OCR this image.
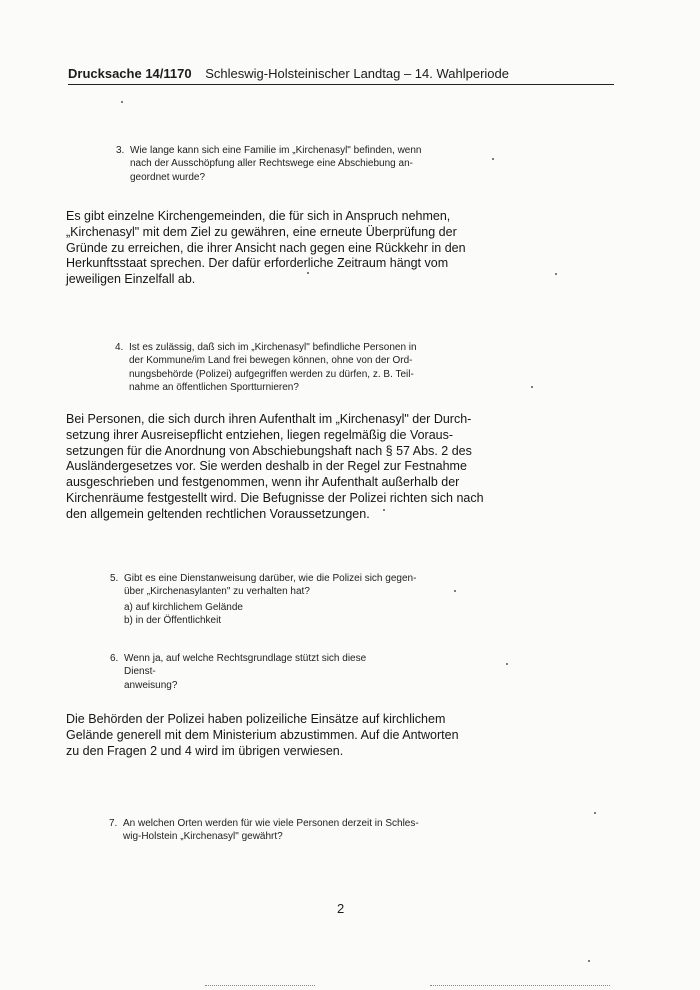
Drucksache 14/1170 Schleswig-Holsteinischer Landtag – 14. Wahlperiode
3. Wie lange kann sich eine Familie im „Kirchenasyl" befinden, wenn
nach der Ausschöpfung aller Rechtswege eine Abschiebung an-
geordnet wurde?
Es gibt einzelne Kirchengemeinden, die für sich in Anspruch nehmen,
„Kirchenasyl" mit dem Ziel zu gewähren, eine erneute Überprüfung der
Gründe zu erreichen, die ihrer Ansicht nach gegen eine Rückkehr in den
Herkunftsstaat sprechen. Der dafür erforderliche Zeitraum hängt vom
jeweiligen Einzelfall ab.
4. Ist es zulässig, daß sich im „Kirchenasyl" befindliche Personen in
der Kommune/im Land frei bewegen können, ohne von der Ord-
nungsbehörde (Polizei) aufgegriffen werden zu dürfen, z. B. Teil-
nahme an öffentlichen Sportturnieren?
Bei Personen, die sich durch ihren Aufenthalt im „Kirchenasyl" der Durch-
setzung ihrer Ausreisepflicht entziehen, liegen regelmäßig die Voraus-
setzungen für die Anordnung von Abschiebungshaft nach § 57 Abs. 2 des
Ausländergesetzes vor. Sie werden deshalb in der Regel zur Festnahme
ausgeschrieben und festgenommen, wenn ihr Aufenthalt außerhalb der
Kirchenräume festgestellt wird. Die Befugnisse der Polizei richten sich nach
den allgemein geltenden rechtlichen Voraussetzungen.
5. Gibt es eine Dienstanweisung darüber, wie die Polizei sich gegen-
über „Kirchenasylanten" zu verhalten hat?
a) auf kirchlichem Gelände
b) in der Öffentlichkeit
6. Wenn ja, auf welche Rechtsgrundlage stützt sich diese
Dienst-
anweisung?
Die Behörden der Polizei haben polizeiliche Einsätze auf kirchlichem
Gelände generell mit dem Ministerium abzustimmen. Auf die Antworten
zu den Fragen 2 und 4 wird im übrigen verwiesen.
7. An welchen Orten werden für wie viele Personen derzeit in Schles-
wig-Holstein „Kirchenasyl" gewährt?
2
